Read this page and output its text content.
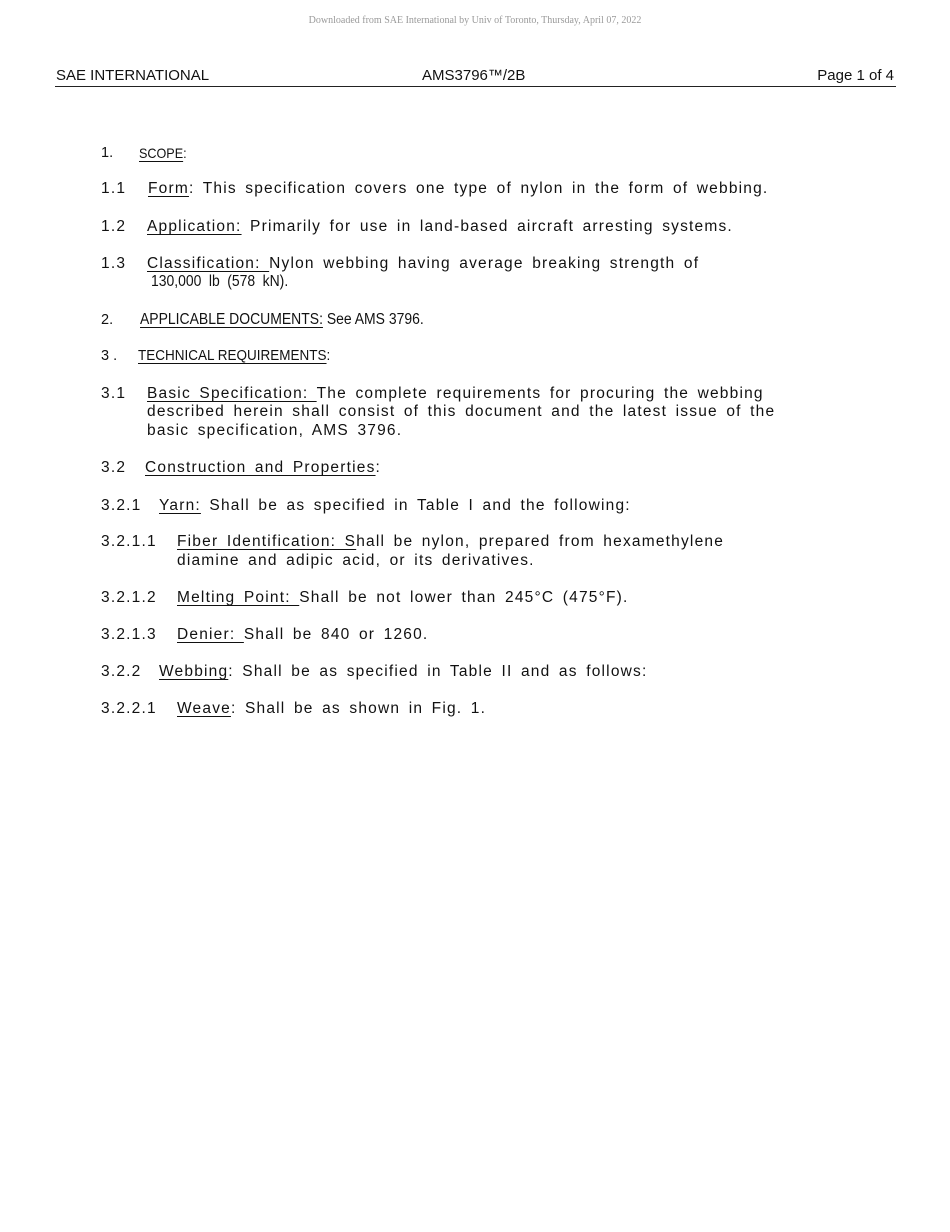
Downloaded from SAE International by Univ of Toronto, Thursday, April 07, 2022
SAE INTERNATIONAL	AMS3796™/2B	Page 1 of 4
1. SCOPE:
1.1 Form: This specification covers one type of nylon in the form of webbing.
1.2 Application: Primarily for use in land-based aircraft arresting systems.
1.3 Classification: Nylon webbing having average breaking strength of
130,000 lb (578 kN).
2. APPLICABLE DOCUMENTS: See AMS 3796.
3 . TECHNICAL REQUIREMENTS:
3.1 Basic Specification: The complete requirements for procuring the webbing
described herein shall consist of this document and the latest issue of the
basic specification, AMS 3796.
3.2 Construction and Properties:
3.2.1 Yarn: Shall be as specified in Table I and the following:
3.2.1.1 Fiber Identification: Shall be nylon, prepared from hexamethylene
diamine and adipic acid, or its derivatives.
3.2.1.2 Melting Point: Shall be not lower than 245°C (475°F).
3.2.1.3 Denier: Shall be 840 or 1260.
3.2.2 Webbing: Shall be as specified in Table II and as follows:
3.2.2.1 Weave: Shall be as shown in Fig. 1.
